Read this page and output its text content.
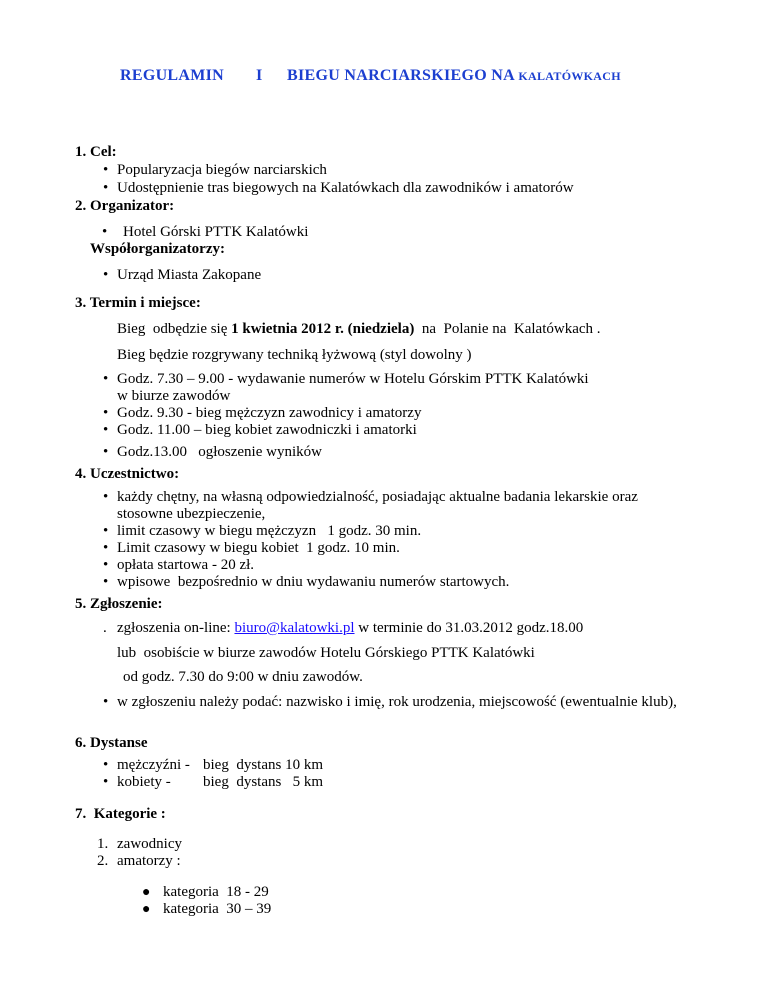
REGULAMIN I BIEGU NARCIARSKIEGO NA KALATÓWKACH
1. Cel:
• Popularyzacja biegów narciarskich
• Udostępnienie tras biegowych na Kalatówkach dla zawodników i amatorów
2. Organizator:
• Hotel Górski PTTK Kalatówki
Współorganizatorzy:
• Urząd Miasta Zakopane
3. Termin i miejsce:
Bieg  odbędzie się 1 kwietnia 2012 r. (niedziela)  na  Polanie na  Kalatówkach .
Bieg będzie rozgrywany techniką łyżwową (styl dowolny )
• Godz. 7.30 – 9.00 - wydawanie numerów w Hotelu Górskim PTTK Kalatówki
w biurze zawodów
• Godz. 9.30 - bieg mężczyzn zawodnicy i amatorzy
• Godz. 11.00 – bieg kobiet zawodniczki i amatorki
• Godz.13.00   ogłoszenie wyników
4. Uczestnictwo:
• każdy chętny, na własną odpowiedzialność, posiadając aktualne badania lekarskie oraz
stosowne ubezpieczenie,
• limit czasowy w biegu mężczyzn   1 godz. 30 min.
• Limit czasowy w biegu kobiet  1 godz. 10 min.
• opłata startowa - 20 zł.
• wpisowe  bezpośrednio w dniu wydawaniu numerów startowych.
5. Zgłoszenie:
. zgłoszenia on-line: biuro@kalatowki.pl w terminie do 31.03.2012 godz.18.00
lub  osobiście w biurze zawodów Hotelu Górskiego PTTK Kalatówki
od godz. 7.30 do 9:00 w dniu zawodów.
• w zgłoszeniu należy podać: nazwisko i imię, rok urodzenia, miejscowość (ewentualnie klub),
6. Dystanse
• mężczyźni - bieg  dystans 10 km
• kobiety - bieg  dystans   5 km
7.  Kategorie :
1. zawodnicy
2. amatorzy :
● kategoria  18 - 29
● kategoria  30 – 39
